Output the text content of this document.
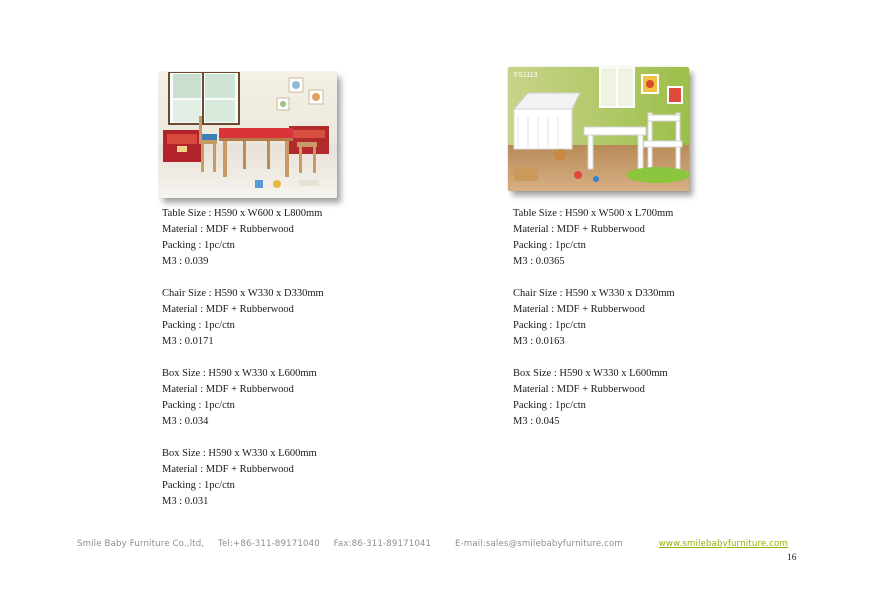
FS1113
Table Size : H590 x W600 x L800mm
Material : MDF + Rubberwood
Packing : 1pc/ctn
M3 : 0.039
Chair Size : H590 x W330 x D330mm
Material : MDF + Rubberwood
Packing : 1pc/ctn
M3 : 0.0171
Box Size : H590 x W330 x L600mm
Material : MDF + Rubberwood
Packing : 1pc/ctn
M3 : 0.034
Box Size : H590 x W330 x L600mm
Material : MDF + Rubberwood
Packing : 1pc/ctn
M3 : 0.031
Table Size : H590 x W500 x L700mm
Material : MDF + Rubberwood
Packing : 1pc/ctn
M3 : 0.0365
Chair Size : H590 x W330 x D330mm
Material : MDF + Rubberwood
Packing : 1pc/ctn
M3 : 0.0163
Box Size : H590 x W330 x L600mm
Material : MDF + Rubberwood
Packing : 1pc/ctn
M3 : 0.045
Smile Baby Furniture Co.,ltd, Tel:+86-311-89171040 Fax:86-311-89171041	E-mail:sales@smilebabyfurniture.com	www.smilebabyfurniture.com
16
